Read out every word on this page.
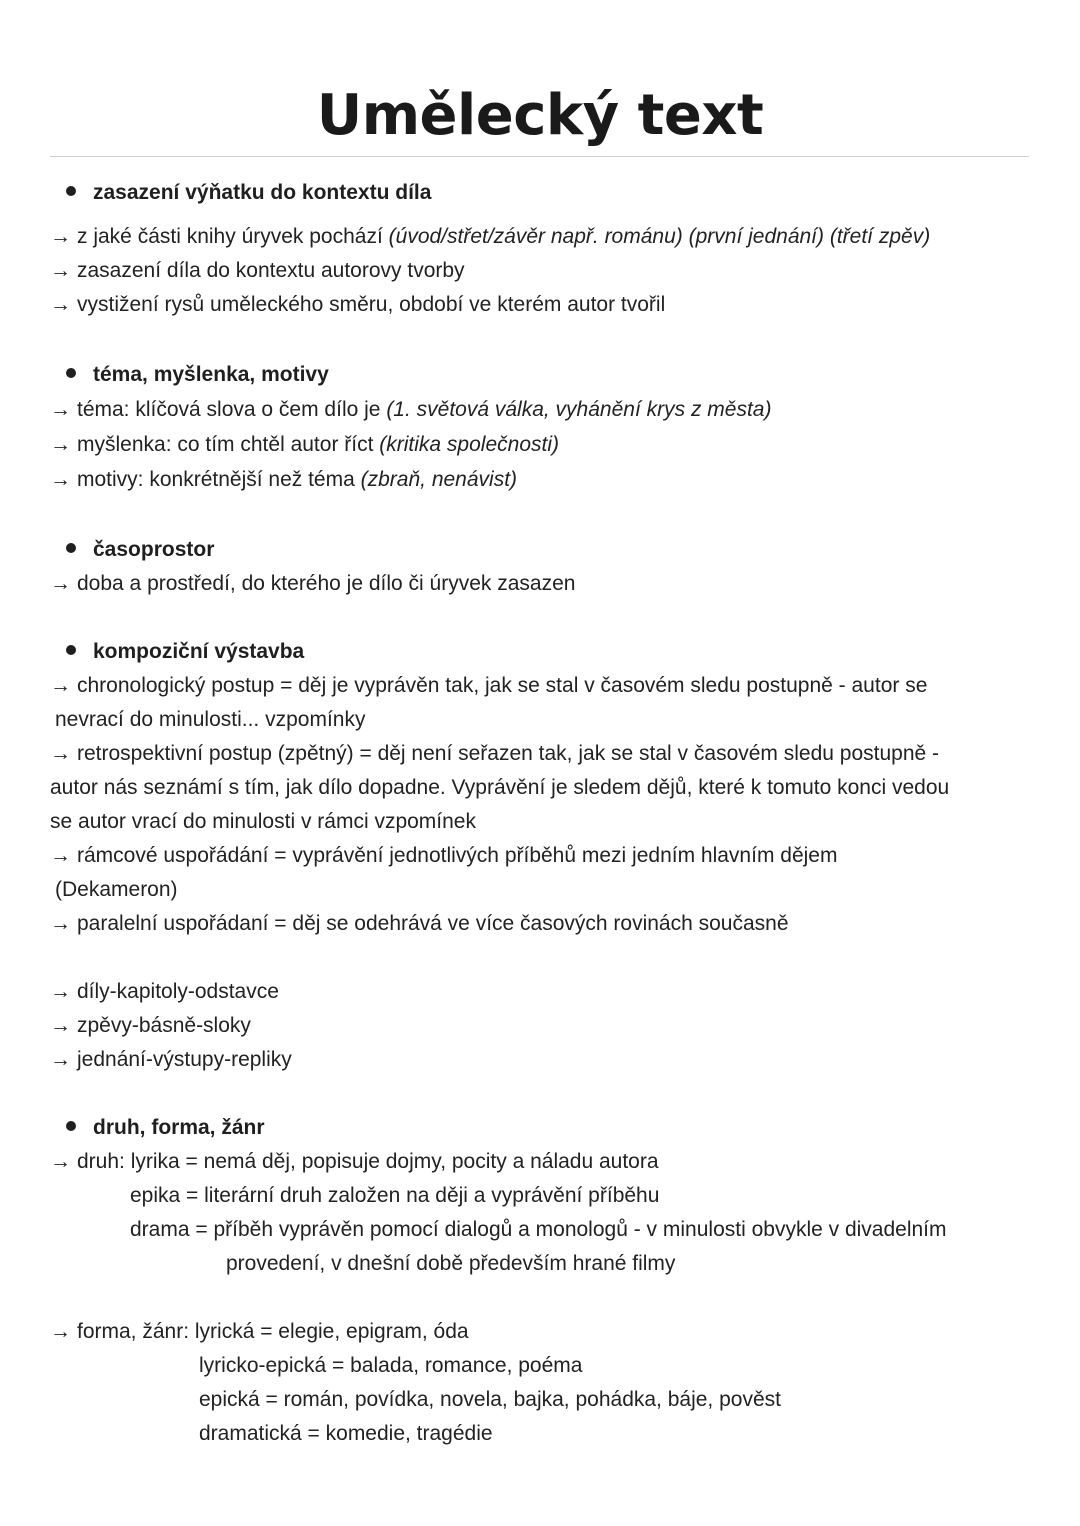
Umělecký text
zasazení výňatku do kontextu díla
→ z jaké části knihy úryvek pochází (úvod/střet/závěr např. románu) (první jednání) (třetí zpěv)
→ zasazení díla do kontextu autorovy tvorby
→ vystižení rysů uměleckého směru, období ve kterém autor tvořil
téma, myšlenka, motivy
→ téma: klíčová slova o čem dílo je (1. světová válka, vyhánění krys z města)
→ myšlenka: co tím chtěl autor říct (kritika společnosti)
→ motivy: konkrétnější než téma (zbraň, nenávist)
časoprostor
→ doba a prostředí, do kterého je dílo či úryvek zasazen
kompoziční výstavba
→ chronologický postup = děj je vyprávěn tak, jak se stal v časovém sledu postupně - autor se
nevrací do minulosti... vzpomínky
→ retrospektivní postup (zpětný) = děj není seřazen tak, jak se stal v časovém sledu postupně -
autor nás seznámí s tím, jak dílo dopadne. Vyprávění je sledem dějů, které k tomuto konci vedou
se autor vrací do minulosti v rámci vzpomínek
→ rámcové uspořádání = vyprávění jednotlivých příběhů mezi jedním hlavním dějem
(Dekameron)
→ paralelní uspořádaní = děj se odehrává ve více časových rovinách současně
→ díly-kapitoly-odstavce
→ zpěvy-básně-sloky
→ jednání-výstupy-repliky
druh, forma, žánr
→ druh: lyrika = nemá děj, popisuje dojmy, pocity a náladu autora
epika = literární druh založen na ději a vyprávění příběhu
drama = příběh vyprávěn pomocí dialogů a monologů - v minulosti obvykle v divadelním
provedení, v dnešní době především hrané filmy
→ forma, žánr: lyrická = elegie, epigram, óda
lyricko-epická = balada, romance, poéma
epická = román, povídka, novela, bajka, pohádka, báje, pověst
dramatická = komedie, tragédie
